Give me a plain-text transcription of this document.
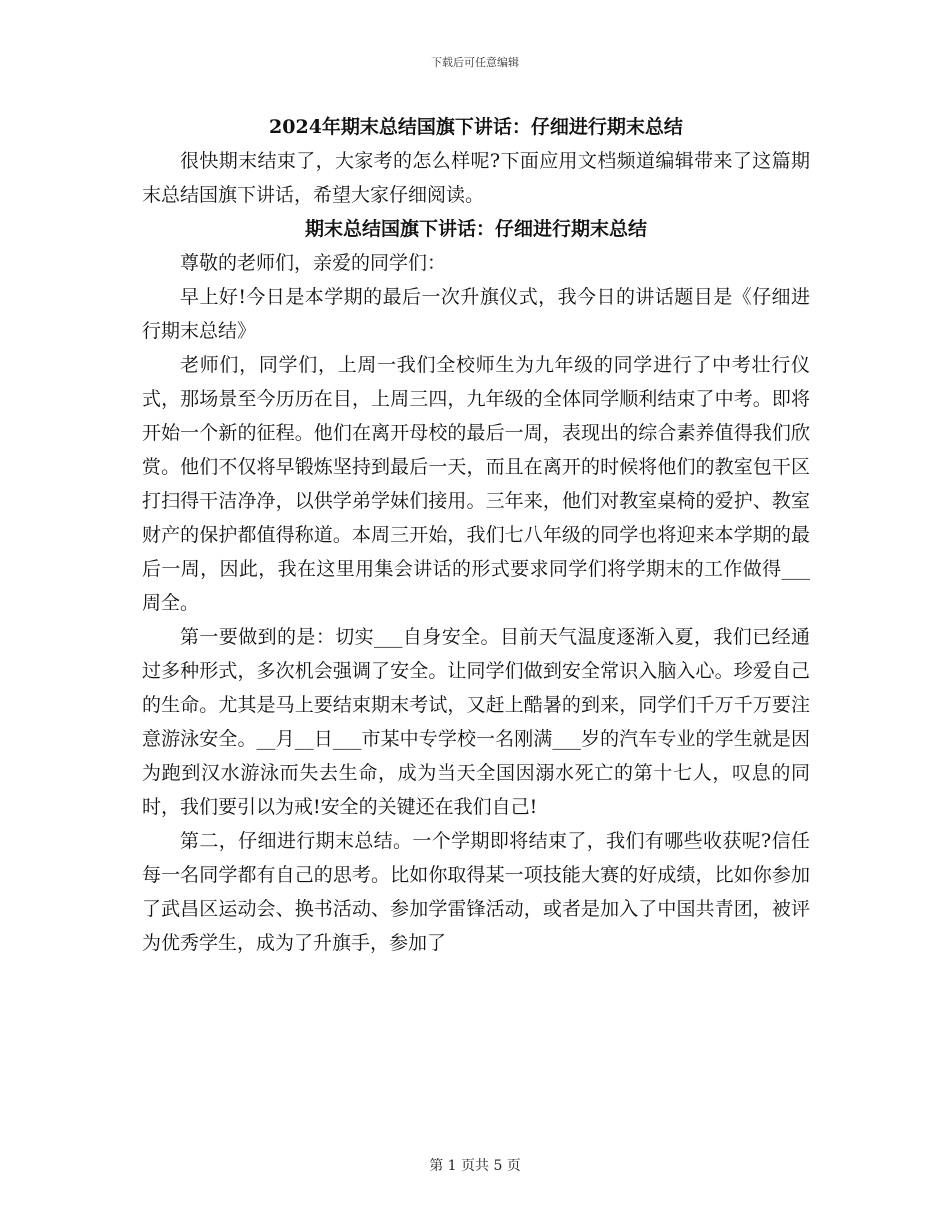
下载后可任意编辑

2024年期末总结国旗下讲话：仔细进行期末总结

很快期末结束了，大家考的怎么样呢?下面应用文档频道编辑带来了这篇期末总结国旗下讲话，希望大家仔细阅读。

期末总结国旗下讲话：仔细进行期末总结

尊敬的老师们，亲爱的同学们：

早上好!今日是本学期的最后一次升旗仪式，我今日的讲话题目是《仔细进行期末总结》

老师们，同学们，上周一我们全校师生为九年级的同学进行了中考壮行仪式，那场景至今历历在目，上周三四，九年级的全体同学顺利结束了中考。即将开始一个新的征程。他们在离开母校的最后一周，表现出的综合素养值得我们欣赏。他们不仅将早锻炼坚持到最后一天，而且在离开的时候将他们的教室包干区打扫得干洁净净，以供学弟学妹们接用。三年来，他们对教室桌椅的爱护、教室财产的保护都值得称道。本周三开始，我们七八年级的同学也将迎来本学期的最后一周，因此，我在这里用集会讲话的形式要求同学们将学期末的工作做得___周全。

第一要做到的是：切实___自身安全。目前天气温度逐渐入夏，我们已经通过多种形式，多次机会强调了安全。让同学们做到安全常识入脑入心。珍爱自己的生命。尤其是马上要结束期末考试，又赶上酷暑的到来，同学们千万千万要注意游泳安全。__月__日___市某中专学校一名刚满___岁的汽车专业的学生就是因为跑到汉水游泳而失去生命，成为当天全国因溺水死亡的第十七人，叹息的同时，我们要引以为戒!安全的关键还在我们自己!

第二，仔细进行期末总结。一个学期即将结束了，我们有哪些收获呢?信任每一名同学都有自己的思考。比如你取得某一项技能大赛的好成绩，比如你参加了武昌区运动会、换书活动、参加学雷锋活动，或者是加入了中国共青团，被评为优秀学生，成为了升旗手，参加了

第 1 页共 5 页
